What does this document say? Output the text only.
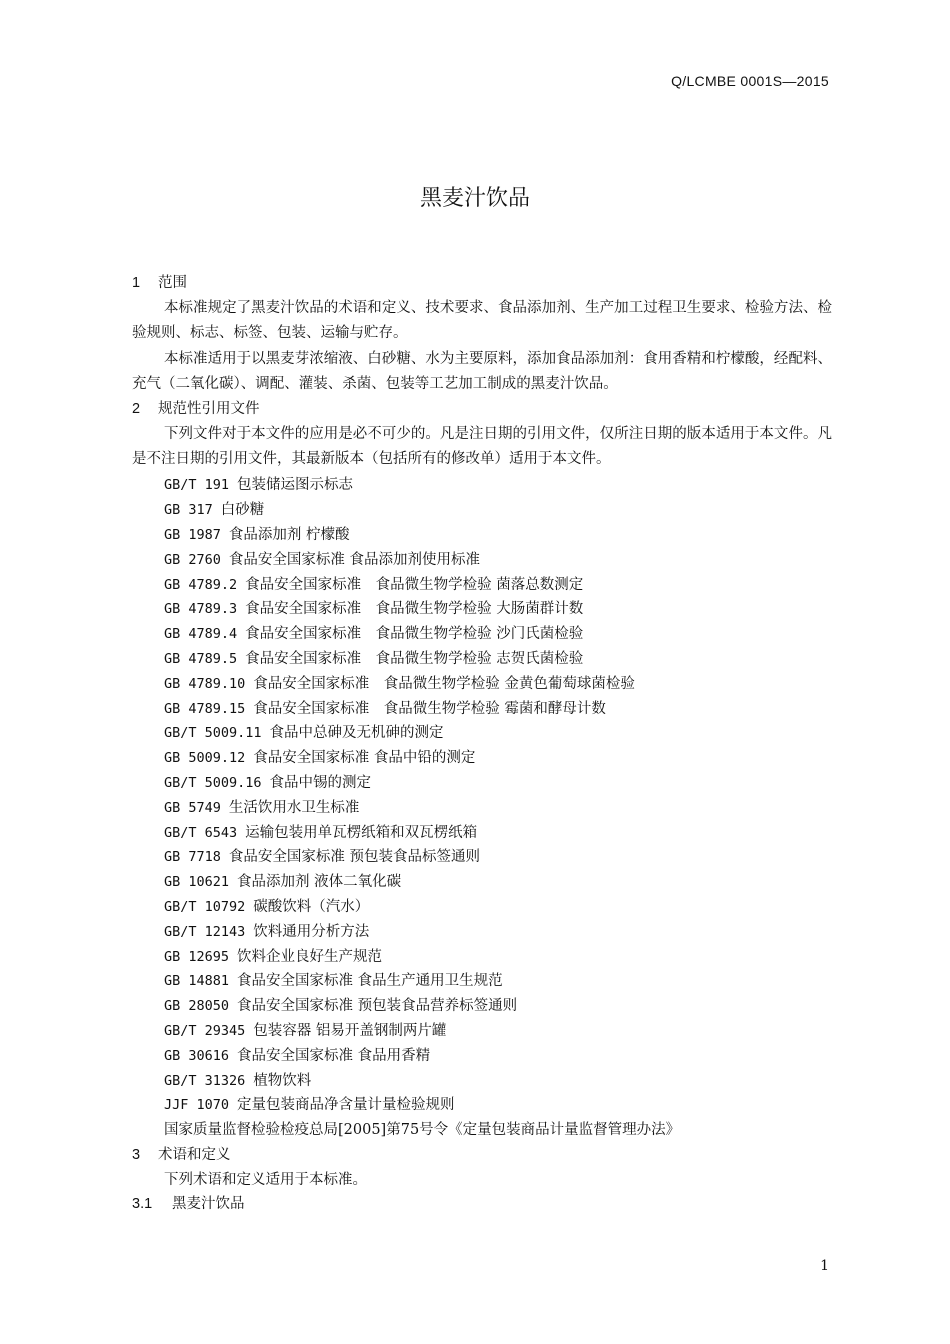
Q/LCMBE 0001S—2015
黑麦汁饮品
1 范围
本标准规定了黑麦汁饮品的术语和定义、技术要求、食品添加剂、生产加工过程卫生要求、检验方法、检验规则、标志、标签、包装、运输与贮存。
本标准适用于以黑麦芽浓缩液、白砂糖、水为主要原料，添加食品添加剂：食用香精和柠檬酸，经配料、充气（二氧化碳）、调配、灌装、杀菌、包装等工艺加工制成的黑麦汁饮品。
2 规范性引用文件
下列文件对于本文件的应用是必不可少的。凡是注日期的引用文件，仅所注日期的版本适用于本文件。凡是不注日期的引用文件，其最新版本（包括所有的修改单）适用于本文件。
GB/T 191 包装储运图示标志
GB 317 白砂糖
GB 1987 食品添加剂 柠檬酸
GB 2760 食品安全国家标准 食品添加剂使用标准
GB 4789.2 食品安全国家标准　食品微生物学检验 菌落总数测定
GB 4789.3 食品安全国家标准　食品微生物学检验 大肠菌群计数
GB 4789.4 食品安全国家标准　食品微生物学检验 沙门氏菌检验
GB 4789.5 食品安全国家标准　食品微生物学检验 志贺氏菌检验
GB 4789.10 食品安全国家标准　食品微生物学检验 金黄色葡萄球菌检验
GB 4789.15 食品安全国家标准　食品微生物学检验 霉菌和酵母计数
GB/T 5009.11 食品中总砷及无机砷的测定
GB 5009.12 食品安全国家标准 食品中铅的测定
GB/T 5009.16 食品中锡的测定
GB 5749 生活饮用水卫生标准
GB/T 6543 运输包装用单瓦楞纸箱和双瓦楞纸箱
GB 7718 食品安全国家标准 预包装食品标签通则
GB 10621 食品添加剂 液体二氧化碳
GB/T 10792 碳酸饮料（汽水）
GB/T 12143 饮料通用分析方法
GB 12695 饮料企业良好生产规范
GB 14881 食品安全国家标准 食品生产通用卫生规范
GB 28050 食品安全国家标准 预包装食品营养标签通则
GB/T 29345 包装容器 铝易开盖钢制两片罐
GB 30616 食品安全国家标准 食品用香精
GB/T 31326 植物饮料
JJF 1070 定量包装商品净含量计量检验规则
国家质量监督检验检疫总局[2005]第75号令《定量包装商品计量监督管理办法》
3 术语和定义
下列术语和定义适用于本标准。
3.1 黑麦汁饮品
1
